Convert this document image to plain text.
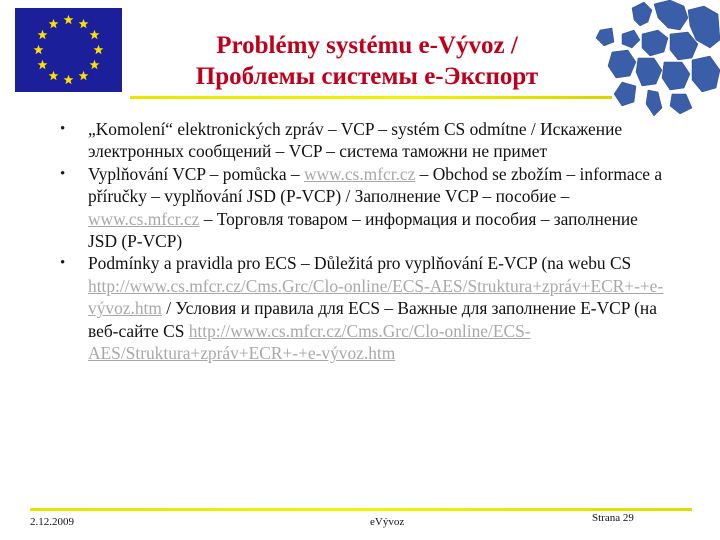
Problémy systému e-Vývoz /
Проблемы системы е-Экспорт
•	„Komolení“ elektronických zpráv – VCP – systém CS odmítne / Искажение электронных сообщений – VCP – система таможни не примет
•	Vyplňování VCP – pomůcka – www.cs.mfcr.cz – Obchod se zbožím – informace a příručky – vyplňování JSD (P-VCP) / Заполнение VCP – пособие – www.cs.mfcr.cz – Торговля товаром – информация и пособия – заполнение JSD (P-VCP)
•	Podmínky a pravidla pro ECS – Důležitá pro vyplňování E-VCP (na webu CS http://www.cs.mfcr.cz/Cms.Grc/Clo-online/ECS-AES/Struktura+zpráv+ECR+-+e-vývoz.htm / Условия и правила для ECS – Важные для заполнение E-VCP (на веб-сайте CS http://www.cs.mfcr.cz/Cms.Grc/Clo-online/ECS-AES/Struktura+zpráv+ECR+-+e-vývoz.htm
2.12.2009	eVývoz	Strana 29
